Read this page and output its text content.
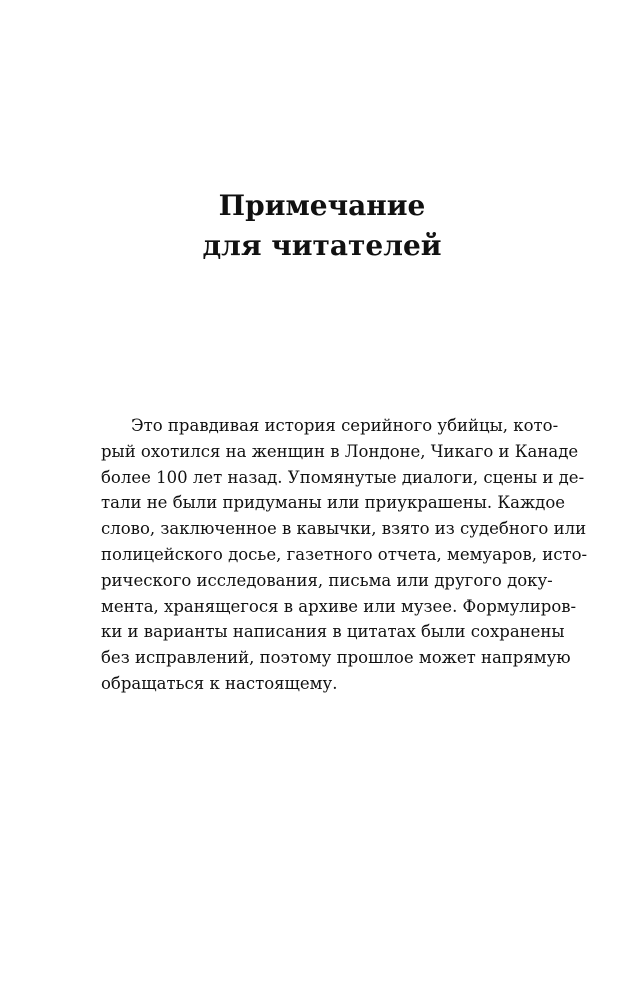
Примечание
для читателей
Это правдивая история серийного убийцы, кото-
рый охотился на женщин в Лондоне, Чикаго и Канаде
более 100 лет назад. Упомянутые диалоги, сцены и де-
тали не были придуманы или приукрашены. Каждое
слово, заключенное в кавычки, взято из судебного или
полицейского досье, газетного отчета, мемуаров, исто-
рического исследования, письма или другого доку-
мента, хранящегося в архиве или музее. Формулиров-
ки и варианты написания в цитатах были сохранены
без исправлений, поэтому прошлое может напрямую
обращаться к настоящему.
